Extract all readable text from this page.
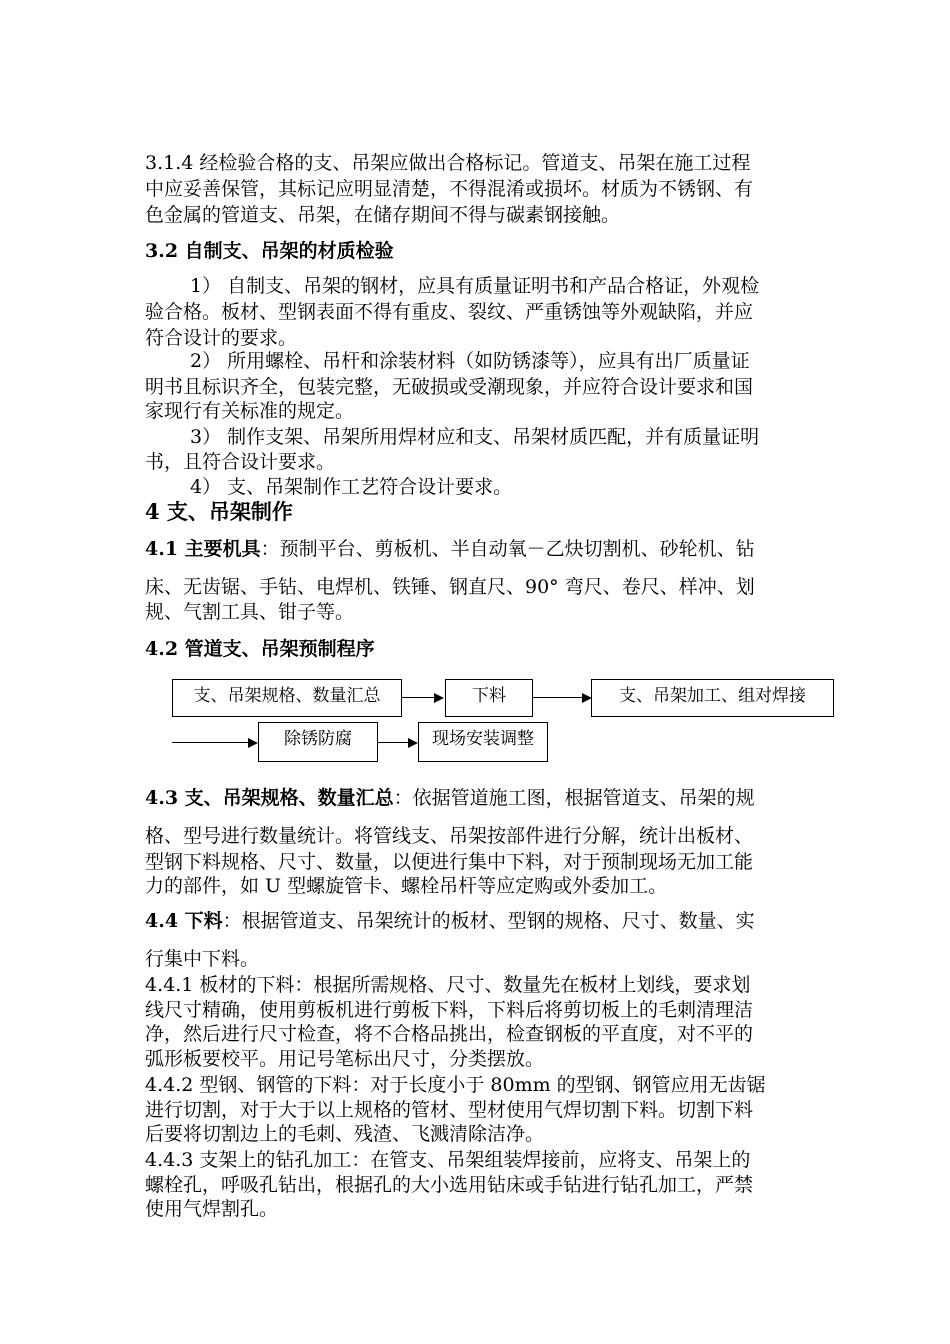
3.1.4 经检验合格的支、吊架应做出合格标记。管道支、吊架在施工过程
中应妥善保管，其标记应明显清楚，不得混淆或损坏。材质为不锈钢、有
色金属的管道支、吊架，在储存期间不得与碳素钢接触。
3.2 自制支、吊架的材质检验
1） 自制支、吊架的钢材，应具有质量证明书和产品合格证，外观检
验合格。板材、型钢表面不得有重皮、裂纹、严重锈蚀等外观缺陷，并应
符合设计的要求。
2） 所用螺栓、吊杆和涂装材料（如防锈漆等），应具有出厂质量证
明书且标识齐全，包装完整，无破损或受潮现象，并应符合设计要求和国
家现行有关标准的规定。
3） 制作支架、吊架所用焊材应和支、吊架材质匹配，并有质量证明
书，且符合设计要求。
4） 支、吊架制作工艺符合设计要求。
4 支、吊架制作
4.1 主要机具：预制平台、剪板机、半自动氧－乙炔切割机、砂轮机、钻
床、无齿锯、手钻、电焊机、铁锤、钢直尺、90° 弯尺、卷尺、样冲、划
规、气割工具、钳子等。
4.2 管道支、吊架预制程序
支、吊架规格、数量汇总	下料	支、吊架加工、组对焊接
除锈防腐	现场安装调整
4.3 支、吊架规格、数量汇总：依据管道施工图，根据管道支、吊架的规
格、型号进行数量统计。将管线支、吊架按部件进行分解，统计出板材、
型钢下料规格、尺寸、数量，以便进行集中下料，对于预制现场无加工能
力的部件，如 U 型螺旋管卡、螺栓吊杆等应定购或外委加工。
4.4 下料：根据管道支、吊架统计的板材、型钢的规格、尺寸、数量、实
行集中下料。
4.4.1 板材的下料：根据所需规格、尺寸、数量先在板材上划线，要求划
线尺寸精确，使用剪板机进行剪板下料，下料后将剪切板上的毛刺清理洁
净，然后进行尺寸检查，将不合格品挑出，检查钢板的平直度，对不平的
弧形板要校平。用记号笔标出尺寸，分类摆放。
4.4.2 型钢、钢管的下料：对于长度小于 80mm 的型钢、钢管应用无齿锯
进行切割，对于大于以上规格的管材、型材使用气焊切割下料。切割下料
后要将切割边上的毛刺、残渣、飞溅清除洁净。
4.4.3 支架上的钻孔加工：在管支、吊架组装焊接前，应将支、吊架上的
螺栓孔，呼吸孔钻出，根据孔的大小选用钻床或手钻进行钻孔加工，严禁
使用气焊割孔。
